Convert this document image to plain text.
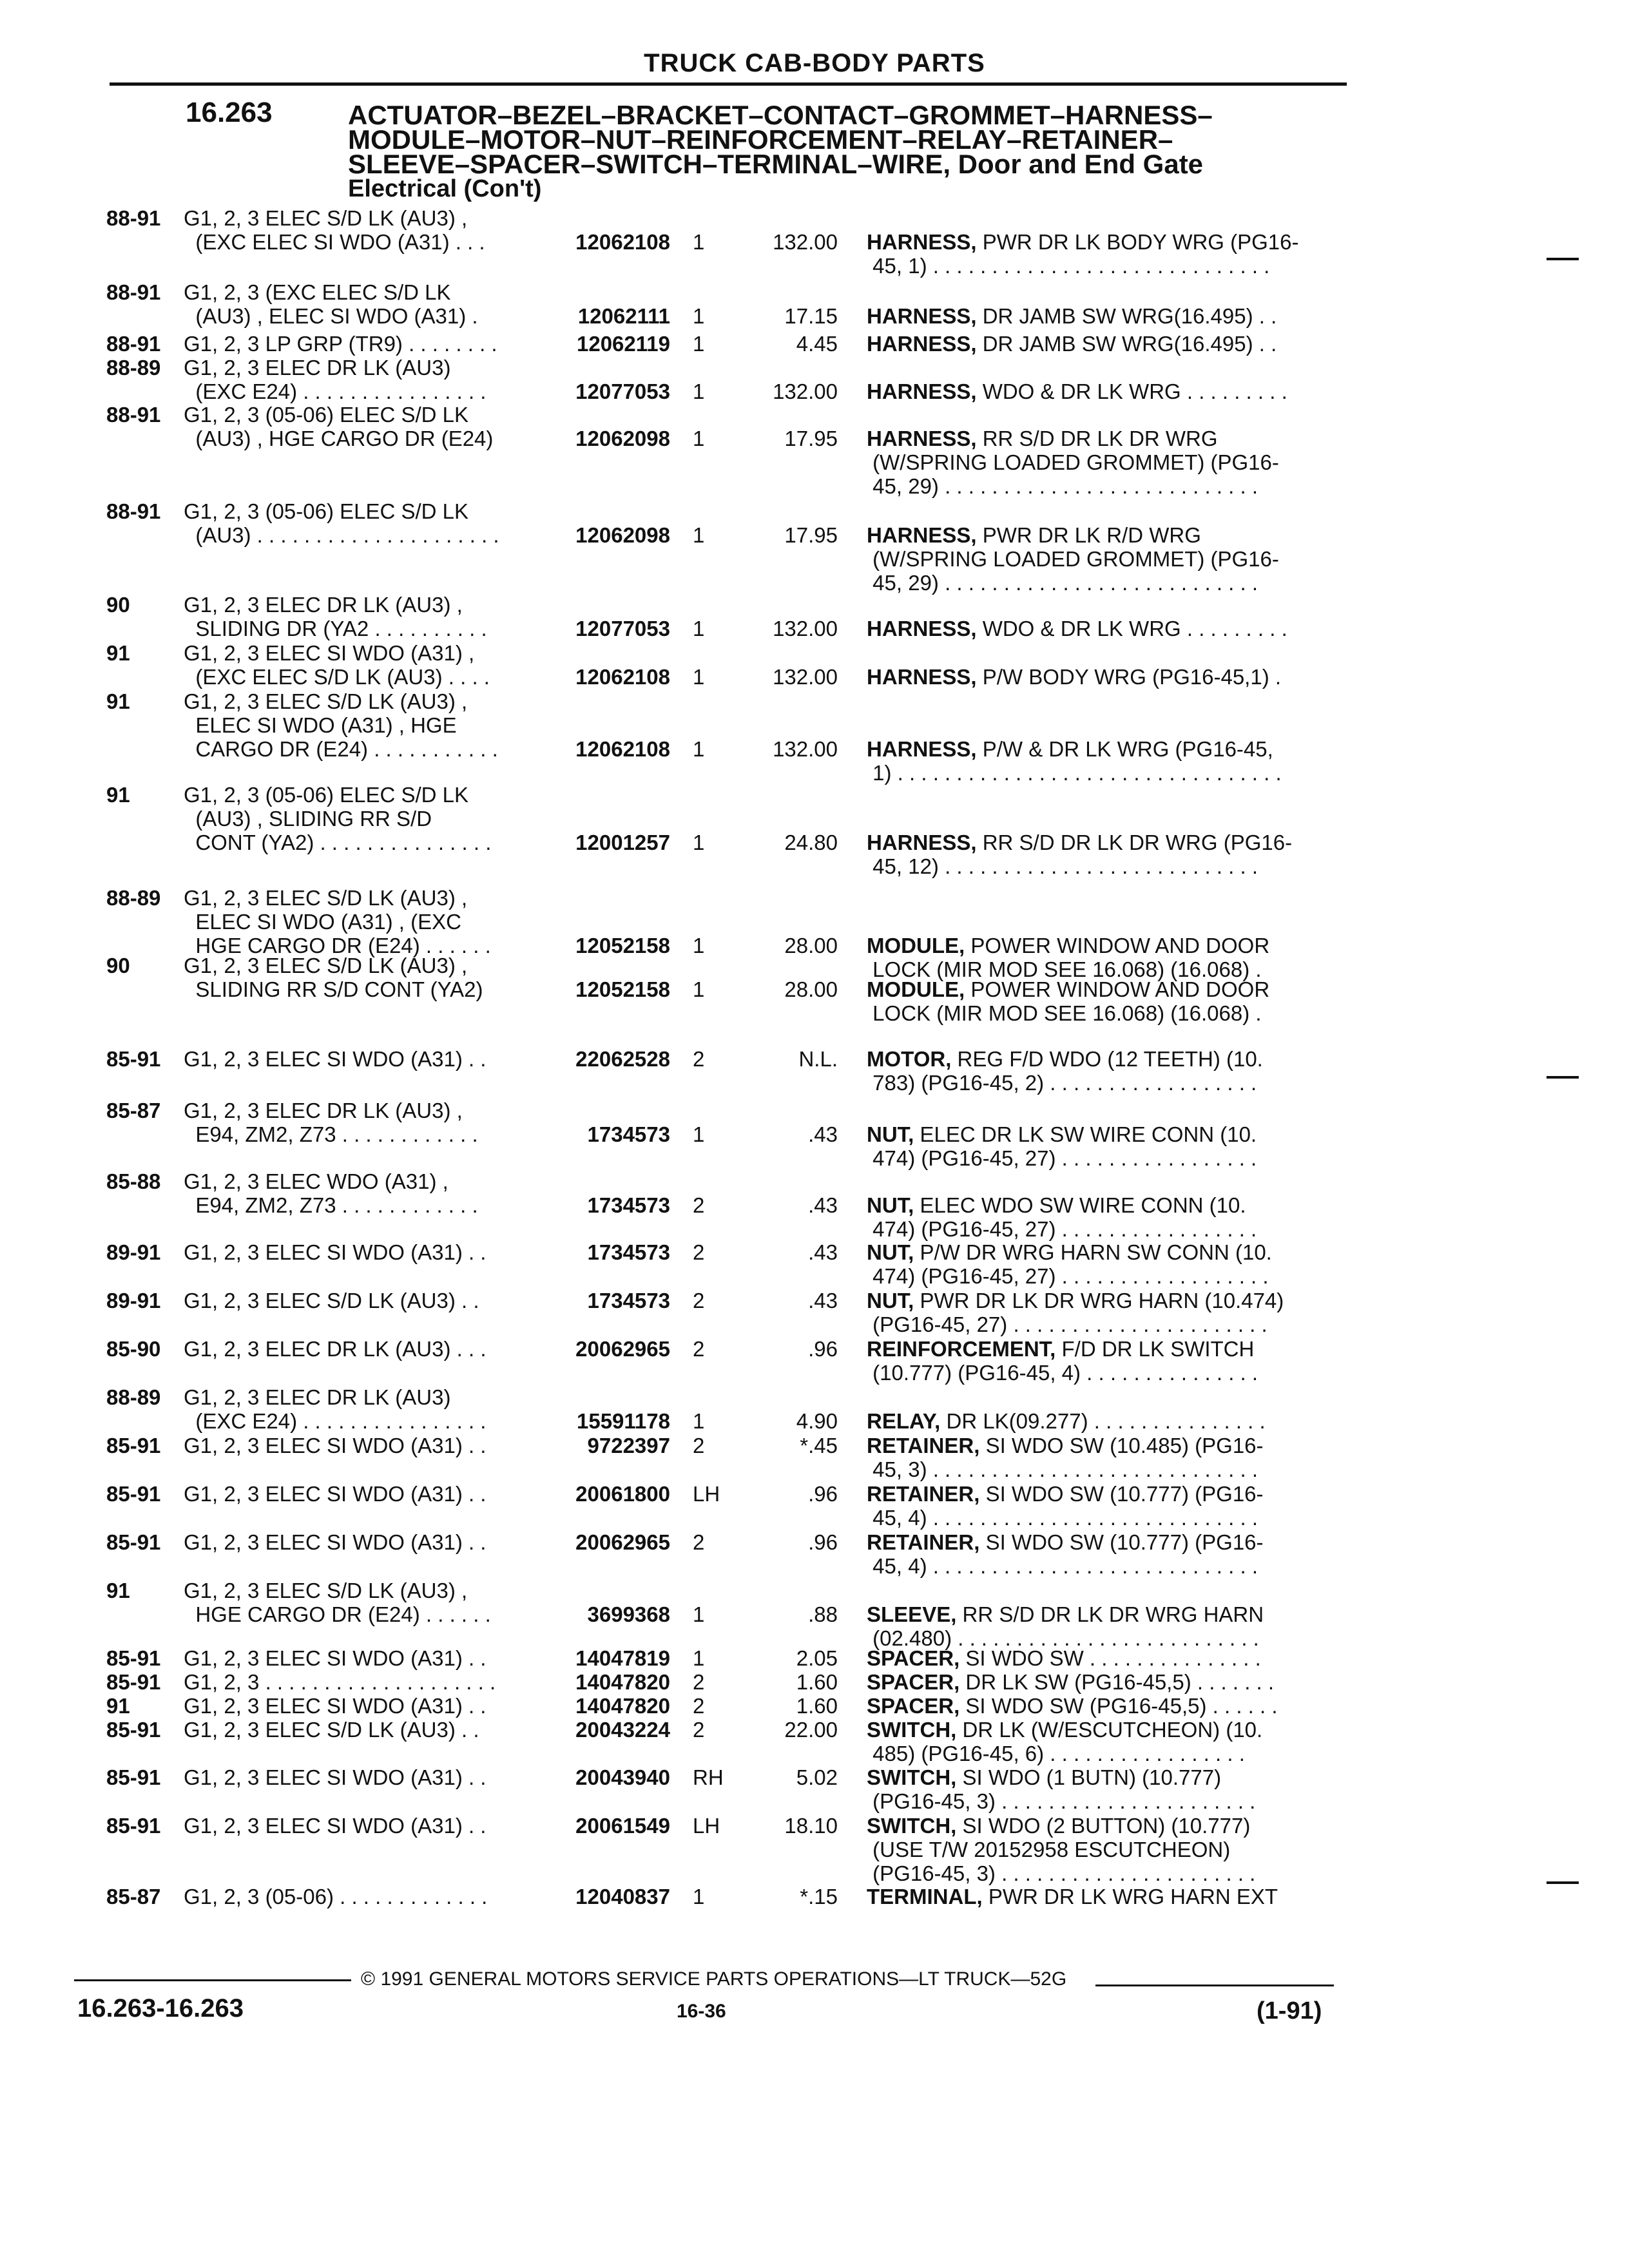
TRUCK CAB-BODY PARTS
16.263	ACTUATOR–BEZEL–BRACKET–CONTACT–GROMMET–HARNESS–
MODULE–MOTOR–NUT–REINFORCEMENT–RELAY–RETAINER–
SLEEVE–SPACER–SWITCH–TERMINAL–WIRE, Door and End Gate
Electrical (Con't)
88-91	G1, 2, 3 ELEC S/D LK (AU3) ,
(EXC ELEC SI WDO (A31) . . .	12062108 1	132.00 HARNESS, PWR DR LK BODY WRG (PG16-
45, 1) . . . . . . . . . . . . . . . . . . . . . . . . . . . . .
88-91	G1, 2, 3 (EXC ELEC S/D LK
(AU3) , ELEC SI WDO (A31) .	12062111 1	17.15 HARNESS, DR JAMB SW WRG(16.495) . .
88-91	G1, 2, 3 LP GRP (TR9) . . . . . . . .	12062119 1	4.45 HARNESS, DR JAMB SW WRG(16.495) . .
88-89	G1, 2, 3 ELEC DR LK (AU3)
(EXC E24) . . . . . . . . . . . . . . . .	12077053 1	132.00 HARNESS, WDO & DR LK WRG . . . . . . . . .
88-91	G1, 2, 3 (05-06) ELEC S/D LK
(AU3) , HGE CARGO DR (E24)	12062098 1	17.95 HARNESS, RR S/D DR LK DR WRG
(W/SPRING LOADED GROMMET) (PG16-
45, 29) . . . . . . . . . . . . . . . . . . . . . . . . . . .
88-91	G1, 2, 3 (05-06) ELEC S/D LK
(AU3) . . . . . . . . . . . . . . . . . . . . .	12062098 1	17.95 HARNESS, PWR DR LK R/D WRG
(W/SPRING LOADED GROMMET) (PG16-
45, 29) . . . . . . . . . . . . . . . . . . . . . . . . . . .
90	G1, 2, 3 ELEC DR LK (AU3) ,
SLIDING DR (YA2 . . . . . . . . . .	12077053 1	132.00 HARNESS, WDO & DR LK WRG . . . . . . . . .
91	G1, 2, 3 ELEC SI WDO (A31) ,
(EXC ELEC S/D LK (AU3) . . . .	12062108 1	132.00 HARNESS, P/W BODY WRG (PG16-45,1) .
91	G1, 2, 3 ELEC S/D LK (AU3) ,
ELEC SI WDO (A31) , HGE
CARGO DR (E24) . . . . . . . . . . .	12062108 1	132.00 HARNESS, P/W & DR LK WRG (PG16-45,
1) . . . . . . . . . . . . . . . . . . . . . . . . . . . . . . . . .
91	G1, 2, 3 (05-06) ELEC S/D LK
(AU3) , SLIDING RR S/D
CONT (YA2) . . . . . . . . . . . . . . .	12001257 1	24.80 HARNESS, RR S/D DR LK DR WRG (PG16-
45, 12) . . . . . . . . . . . . . . . . . . . . . . . . . . .
88-89	G1, 2, 3 ELEC S/D LK (AU3) ,
ELEC SI WDO (A31) , (EXC
HGE CARGO DR (E24) . . . . . .	12052158 1	28.00 MODULE, POWER WINDOW AND DOOR
LOCK (MIR MOD SEE 16.068) (16.068) .
90	G1, 2, 3 ELEC S/D LK (AU3) ,
SLIDING RR S/D CONT (YA2)	12052158 1	28.00 MODULE, POWER WINDOW AND DOOR
LOCK (MIR MOD SEE 16.068) (16.068) .
85-91	G1, 2, 3 ELEC SI WDO (A31) . .	22062528 2	N.L. MOTOR, REG F/D WDO (12 TEETH) (10.
783) (PG16-45, 2) . . . . . . . . . . . . . . . . . .
85-87	G1, 2, 3 ELEC DR LK (AU3) ,
E94, ZM2, Z73 . . . . . . . . . . . .	1734573 1	.43 NUT, ELEC DR LK SW WIRE CONN (10.
474) (PG16-45, 27) . . . . . . . . . . . . . . . . .
85-88	G1, 2, 3 ELEC WDO (A31) ,
E94, ZM2, Z73 . . . . . . . . . . . .	1734573 2	.43 NUT, ELEC WDO SW WIRE CONN (10.
474) (PG16-45, 27) . . . . . . . . . . . . . . . . .
89-91	G1, 2, 3 ELEC SI WDO (A31) . .	1734573 2	.43 NUT, P/W DR WRG HARN SW CONN (10.
474) (PG16-45, 27) . . . . . . . . . . . . . . . . . .
89-91	G1, 2, 3 ELEC S/D LK (AU3) . .	1734573 2	.43 NUT, PWR DR LK DR WRG HARN (10.474)
(PG16-45, 27) . . . . . . . . . . . . . . . . . . . . . .
85-90	G1, 2, 3 ELEC DR LK (AU3) . . .	20062965 2	.96 REINFORCEMENT, F/D DR LK SWITCH
(10.777) (PG16-45, 4) . . . . . . . . . . . . . . .
88-89	G1, 2, 3 ELEC DR LK (AU3)
(EXC E24) . . . . . . . . . . . . . . . .	15591178 1	4.90 RELAY, DR LK(09.277) . . . . . . . . . . . . . . .
85-91	G1, 2, 3 ELEC SI WDO (A31) . .	9722397 2	*.45 RETAINER, SI WDO SW (10.485) (PG16-
45, 3) . . . . . . . . . . . . . . . . . . . . . . . . . . . .
85-91	G1, 2, 3 ELEC SI WDO (A31) . .	20061800 LH	.96 RETAINER, SI WDO SW (10.777) (PG16-
45, 4) . . . . . . . . . . . . . . . . . . . . . . . . . . . .
85-91	G1, 2, 3 ELEC SI WDO (A31) . .	20062965 2	.96 RETAINER, SI WDO SW (10.777) (PG16-
45, 4) . . . . . . . . . . . . . . . . . . . . . . . . . . . .
91	G1, 2, 3 ELEC S/D LK (AU3) ,
HGE CARGO DR (E24) . . . . . .	3699368 1	.88 SLEEVE, RR S/D DR LK DR WRG HARN
(02.480) . . . . . . . . . . . . . . . . . . . . . . . . . .
85-91	G1, 2, 3 ELEC SI WDO (A31) . .	14047819 1	2.05 SPACER, SI WDO SW . . . . . . . . . . . . . . .
85-91	G1, 2, 3 . . . . . . . . . . . . . . . . . . . .	14047820 2	1.60 SPACER, DR LK SW (PG16-45,5) . . . . . . .
91	G1, 2, 3 ELEC SI WDO (A31) . .	14047820 2	1.60 SPACER, SI WDO SW (PG16-45,5) . . . . . .
85-91	G1, 2, 3 ELEC S/D LK (AU3) . .	20043224 2	22.00 SWITCH, DR LK (W/ESCUTCHEON) (10.
485) (PG16-45, 6) . . . . . . . . . . . . . . . . .
85-91	G1, 2, 3 ELEC SI WDO (A31) . .	20043940 RH	5.02 SWITCH, SI WDO (1 BUTN) (10.777)
(PG16-45, 3) . . . . . . . . . . . . . . . . . . . . . .
85-91	G1, 2, 3 ELEC SI WDO (A31) . .	20061549 LH	18.10 SWITCH, SI WDO (2 BUTTON) (10.777)
(USE T/W 20152958 ESCUTCHEON)
(PG16-45, 3) . . . . . . . . . . . . . . . . . . . . . .
85-87	G1, 2, 3 (05-06) . . . . . . . . . . . . .	12040837 1	*.15 TERMINAL, PWR DR LK WRG HARN EXT
© 1991 GENERAL MOTORS SERVICE PARTS OPERATIONS—LT TRUCK—52G
16.263-16.263	16-36	(1-91)
